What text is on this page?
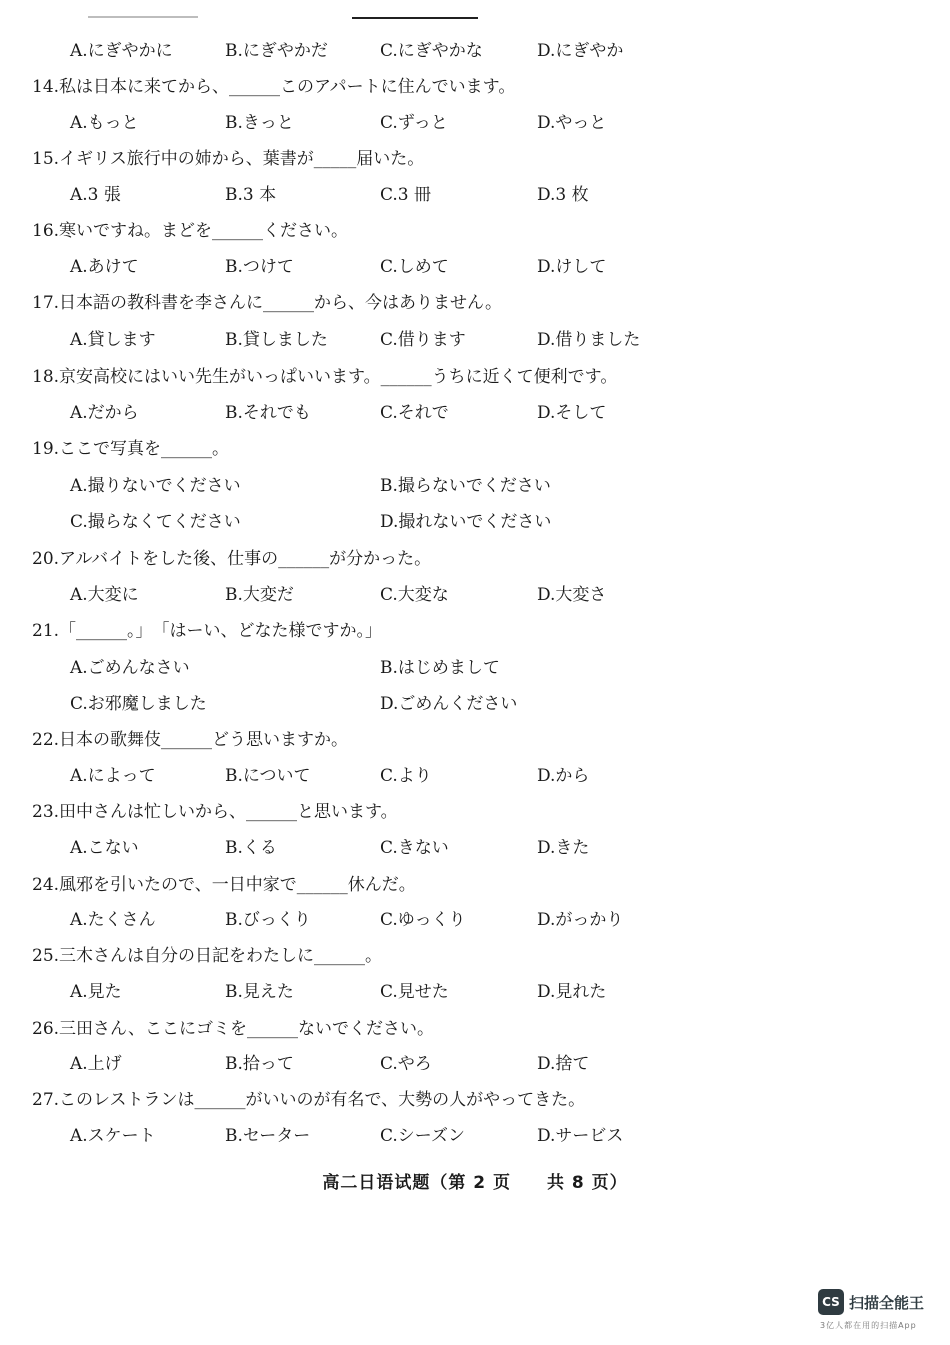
A.にぎやかに	B.にぎやかだ	C.にぎやかな	D.にぎやか
14.私は日本に来てから、______このアパートに住んでいます。
A.もっと	B.きっと	C.ずっと	D.やっと
15.イギリス旅行中の姉から、葉書が_____届いた。
A.3 張	B.3 本	C.3 冊	D.3 枚
16.寒いですね。まどを______ください。
A.あけて	B.つけて	C.しめて	D.けして
17.日本語の教科書を李さんに______から、今はありません。
A.貸します	B.貸しました	C.借ります	D.借りました
18.京安高校にはいい先生がいっぱいいます。______うちに近くて便利です。
A.だから	B.それでも	C.それで	D.そして
19.ここで写真を______。
A.撮りないでください	B.撮らないでください
C.撮らなくてください	D.撮れないでください
20.アルバイトをした後、仕事の______が分かった。
A.大変に	B.大変だ	C.大変な	D.大変さ
21.「______。」　「はーい、どなた様ですか。」
A.ごめんなさい	B.はじめまして
C.お邪魔しました	D.ごめんください
22.日本の歌舞伎______どう思いますか。
A.によって	B.について	C.より	D.から
23.田中さんは忙しいから、______と思います。
A.こない	B.くる	C.きない	D.きた
24.風邪を引いたので、一日中家で______休んだ。
A.たくさん	B.びっくり	C.ゆっくり	D.がっかり
25.三木さんは自分の日記をわたしに______。
A.見た	B.見えた	C.見せた	D.見れた
26.三田さん、ここにゴミを______ないでください。
A.上げ	B.拾って	C.やろ	D.捨て
27.このレストランは______がいいのが有名で、大勢の人がやってきた。
A.スケート	B.セーター	C.シーズン	D.サービス
高二日语试题（第 2 页　　共 8 页）
CS 扫描全能王
3亿人都在用的扫描App
